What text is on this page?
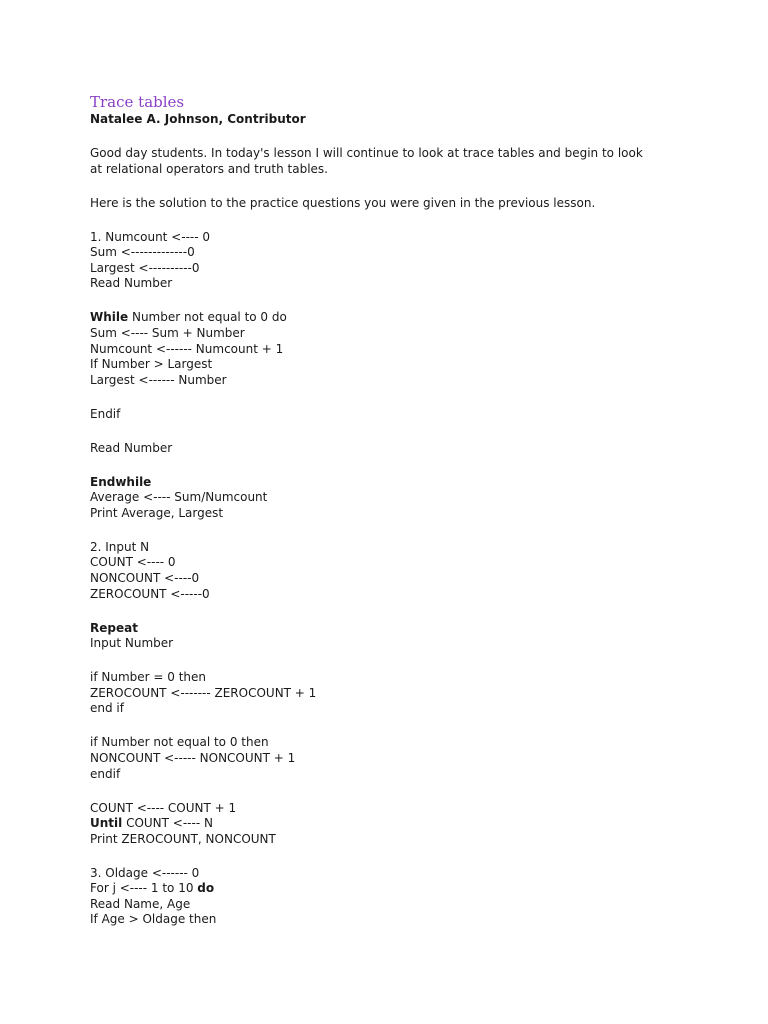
Trace tables

Natalee A. Johnson, Contributor

Good day students. In today's lesson I will continue to look at trace tables and begin to look
at relational operators and truth tables.
Here is the solution to the practice questions you were given in the previous lesson.
1. Numcount <---- 0
Sum <-------------0
Largest <----------0
Read Number
While Number not equal to 0 do
Sum <---- Sum + Number
Numcount <------ Numcount + 1
If Number > Largest
Largest <------ Number
Endif
Read Number
Endwhile
Average <---- Sum/Numcount
Print Average, Largest
2. Input N
COUNT <---- 0
NONCOUNT <----0
ZEROCOUNT <-----0
Repeat
Input Number
if Number = 0 then
ZEROCOUNT <------- ZEROCOUNT + 1
end if
if Number not equal to 0 then
NONCOUNT <----- NONCOUNT + 1
endif
COUNT <---- COUNT + 1
Until COUNT <---- N
Print ZEROCOUNT, NONCOUNT
3. Oldage <------ 0
For j <---- 1 to 10 do
Read Name, Age
If Age > Oldage then
